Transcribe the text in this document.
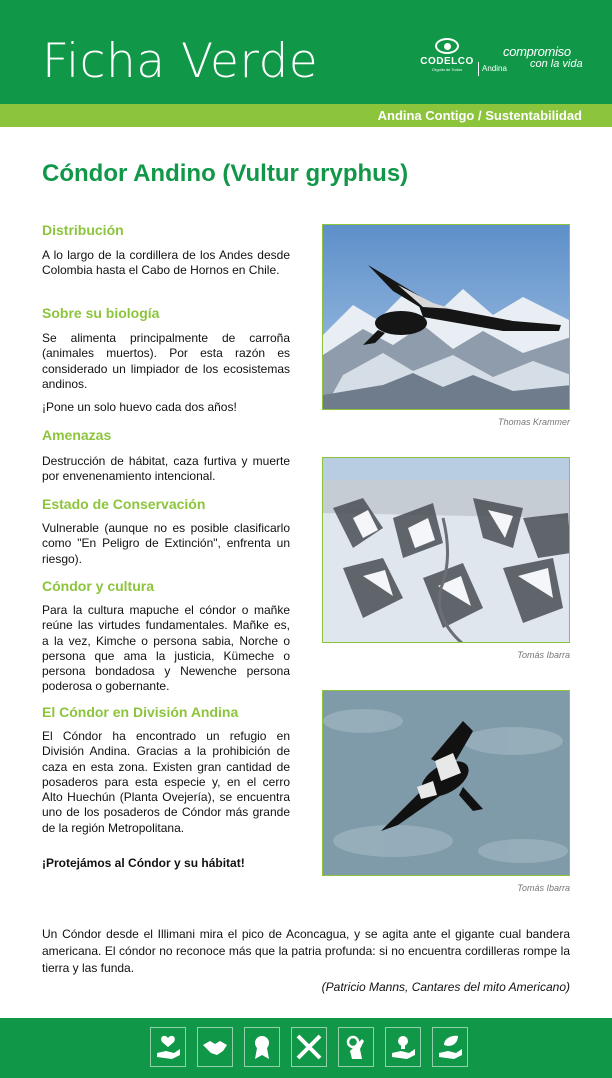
Ficha Verde	CODELCO
Orgullo de Todos	Andina
compromiso
con la vida
Andina Contigo / Sustentabilidad
Cóndor Andino (Vultur gryphus)
Distribución
A lo largo de la cordillera de los Andes desde Colombia hasta el Cabo de Hornos en Chile.
Sobre su biología
Se alimenta principalmente de carroña (animales muertos). Por esta razón es considerado un limpiador de los ecosistemas andinos.
¡Pone un solo huevo cada dos años!
Amenazas
Destrucción de hábitat, caza furtiva y muerte por envenenamiento intencional.
Estado de Conservación
Vulnerable (aunque no es posible clasificarlo como "En Peligro de Extinción", enfrenta un riesgo).
Cóndor y cultura
Para la cultura mapuche el cóndor o mañke reúne las virtudes fundamentales. Mañke es, a la vez, Kimche o persona sabia, Norche o persona que ama la justicia, Kümeche o persona bondadosa y Newenche persona poderosa o gobernante.
El Cóndor en División Andina
El Cóndor ha encontrado un refugio en División Andina. Gracias a la prohibición de caza en esta zona. Existen gran cantidad de posaderos para esta especie y, en el cerro Alto Huechún (Planta Ovejería), se encuentra uno de los posaderos de Cóndor más grande de la región Metropolitana.
¡Protejámos al Cóndor y su hábitat!
Thomas Krammer
Tomás Ibarra
Tomás Ibarra
Un Cóndor desde el Illimani mira el pico de Aconcagua, y se agita ante el gigante cual bandera americana. El cóndor no reconoce más que la patria profunda: si no encuentra cordilleras rompe la tierra y las funda.
(Patricio Manns, Cantares del mito Americano)
